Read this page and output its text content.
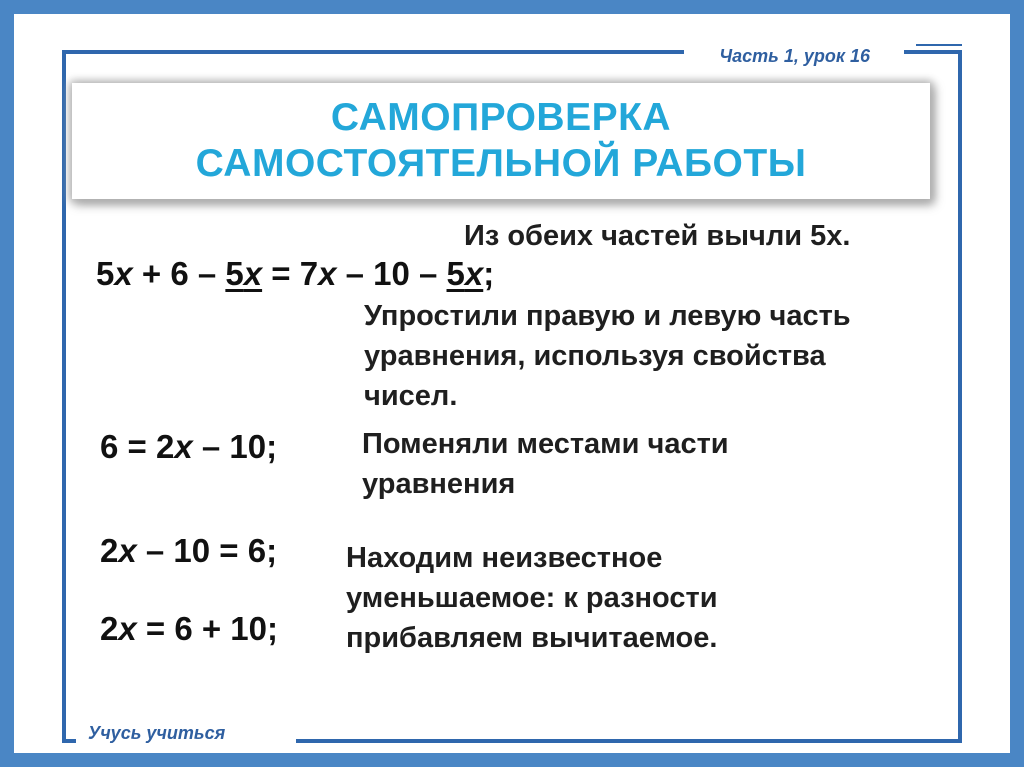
Часть 1, урок 16
САМОПРОВЕРКА
САМОСТОЯТЕЛЬНОЙ РАБОТЫ
Из обеих частей вычли 5x.
5x + 6 – 5x = 7x – 10 – 5x;
Упростили правую и левую часть
уравнения, используя свойства
чисел.
6 = 2x – 10;	Поменяли местами части
уравнения
2x – 10 = 6; Находим неизвестное
уменьшаемое: к разности
прибавляем вычитаемое.
2x = 6 + 10;
Учусь учиться
